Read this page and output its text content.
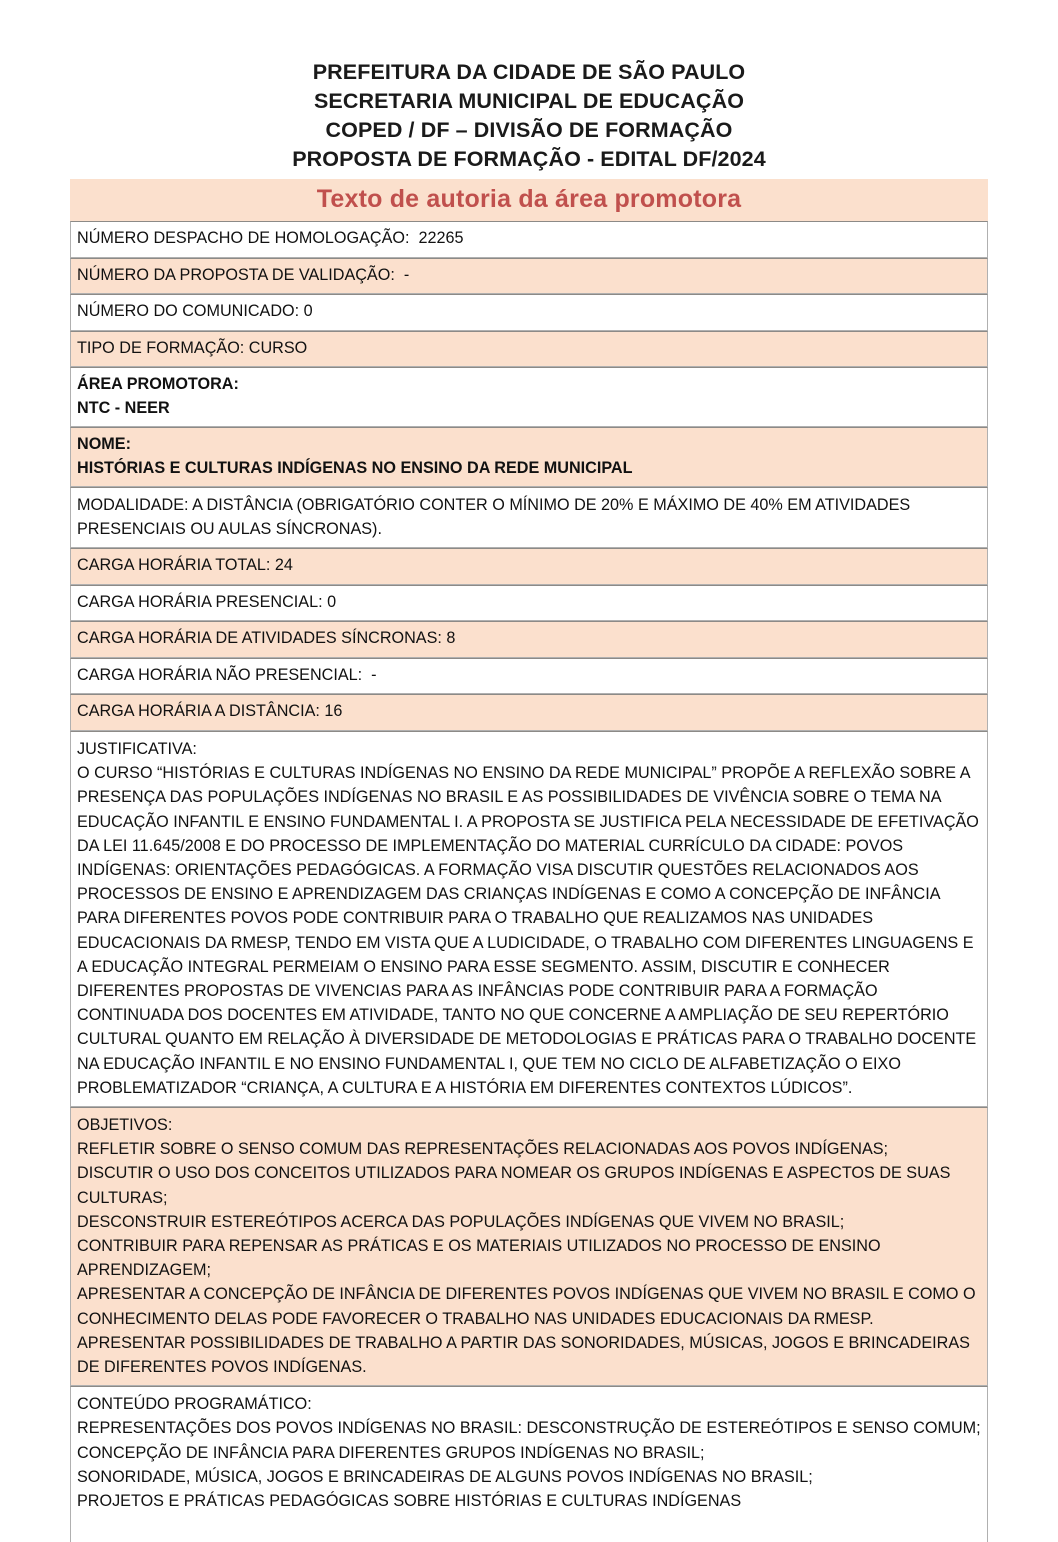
PREFEITURA DA CIDADE DE SÃO PAULO
SECRETARIA MUNICIPAL DE EDUCAÇÃO
COPED / DF – DIVISÃO DE FORMAÇÃO
PROPOSTA DE FORMAÇÃO - EDITAL DF/2024
Texto de autoria da área promotora
NÚMERO DESPACHO DE HOMOLOGAÇÃO:  22265

NÚMERO DA PROPOSTA DE VALIDAÇÃO:  -

NÚMERO DO COMUNICADO: 0

TIPO DE FORMAÇÃO: CURSO

ÁREA PROMOTORA:
NTC - NEER

NOME:
HISTÓRIAS E CULTURAS INDÍGENAS NO ENSINO DA REDE MUNICIPAL

MODALIDADE: A DISTÂNCIA (OBRIGATÓRIO CONTER O MÍNIMO DE 20% E MÁXIMO DE 40% EM ATIVIDADES PRESENCIAIS OU AULAS SÍNCRONAS).

CARGA HORÁRIA TOTAL: 24

CARGA HORÁRIA PRESENCIAL: 0

CARGA HORÁRIA DE ATIVIDADES SÍNCRONAS: 8

CARGA HORÁRIA NÃO PRESENCIAL:  -

CARGA HORÁRIA A DISTÂNCIA: 16

JUSTIFICATIVA:
O CURSO “HISTÓRIAS E CULTURAS INDÍGENAS NO ENSINO DA REDE MUNICIPAL” PROPÕE A REFLEXÃO SOBRE A PRESENÇA DAS POPULAÇÕES INDÍGENAS NO BRASIL E AS POSSIBILIDADES DE VIVÊNCIA SOBRE O TEMA NA EDUCAÇÃO INFANTIL E ENSINO FUNDAMENTAL I. A PROPOSTA SE JUSTIFICA PELA NECESSIDADE DE EFETIVAÇÃO DA LEI 11.645/2008 E DO PROCESSO DE IMPLEMENTAÇÃO DO MATERIAL CURRÍCULO DA CIDADE: POVOS INDÍGENAS: ORIENTAÇÕES PEDAGÓGICAS. A FORMAÇÃO VISA DISCUTIR QUESTÕES RELACIONADOS AOS PROCESSOS DE ENSINO E APRENDIZAGEM DAS CRIANÇAS INDÍGENAS E COMO A CONCEPÇÃO DE INFÂNCIA PARA DIFERENTES POVOS PODE CONTRIBUIR PARA O TRABALHO QUE REALIZAMOS NAS UNIDADES EDUCACIONAIS DA RMESP, TENDO EM VISTA QUE A LUDICIDADE, O TRABALHO COM DIFERENTES LINGUAGENS E A EDUCAÇÃO INTEGRAL PERMEIAM O ENSINO PARA ESSE SEGMENTO. ASSIM, DISCUTIR E CONHECER DIFERENTES PROPOSTAS DE VIVENCIAS PARA AS INFÂNCIAS PODE CONTRIBUIR PARA A FORMAÇÃO CONTINUADA DOS DOCENTES EM ATIVIDADE, TANTO NO QUE CONCERNE A AMPLIAÇÃO DE SEU REPERTÓRIO CULTURAL QUANTO EM RELAÇÃO À DIVERSIDADE DE METODOLOGIAS E PRÁTICAS PARA O TRABALHO DOCENTE NA EDUCAÇÃO INFANTIL E NO ENSINO FUNDAMENTAL I, QUE TEM NO CICLO DE ALFABETIZAÇÃO O EIXO PROBLEMATIZADOR “CRIANÇA, A CULTURA E A HISTÓRIA EM DIFERENTES CONTEXTOS LÚDICOS”.

OBJETIVOS:
REFLETIR SOBRE O SENSO COMUM DAS REPRESENTAÇÕES RELACIONADAS AOS POVOS INDÍGENAS;
DISCUTIR O USO DOS CONCEITOS UTILIZADOS PARA NOMEAR OS GRUPOS INDÍGENAS E ASPECTOS DE SUAS CULTURAS;
DESCONSTRUIR ESTEREÓTIPOS ACERCA DAS POPULAÇÕES INDÍGENAS QUE VIVEM NO BRASIL;
CONTRIBUIR PARA REPENSAR AS PRÁTICAS E OS MATERIAIS UTILIZADOS NO PROCESSO DE ENSINO APRENDIZAGEM;
APRESENTAR A CONCEPÇÃO DE INFÂNCIA DE DIFERENTES POVOS INDÍGENAS QUE VIVEM NO BRASIL E COMO O CONHECIMENTO DELAS PODE FAVORECER O TRABALHO NAS UNIDADES EDUCACIONAIS DA RMESP.
APRESENTAR POSSIBILIDADES DE TRABALHO A PARTIR DAS SONORIDADES, MÚSICAS, JOGOS E BRINCADEIRAS DE DIFERENTES POVOS INDÍGENAS.

CONTEÚDO PROGRAMÁTICO:
REPRESENTAÇÕES DOS POVOS INDÍGENAS NO BRASIL: DESCONSTRUÇÃO DE ESTEREÓTIPOS E SENSO COMUM;
CONCEPÇÃO DE INFÂNCIA PARA DIFERENTES GRUPOS INDÍGENAS NO BRASIL;
SONORIDADE, MÚSICA, JOGOS E BRINCADEIRAS DE ALGUNS POVOS INDÍGENAS NO BRASIL;
PROJETOS E PRÁTICAS PEDAGÓGICAS SOBRE HISTÓRIAS E CULTURAS INDÍGENAS
